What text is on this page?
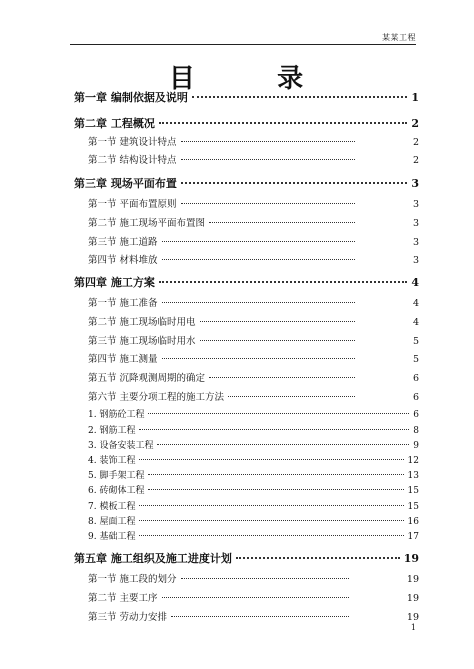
某某工程
目	录
第一章 编制依据及说明	1
第二章 工程概况	2
第一节 建筑设计特点	2
第二节 结构设计特点	2
第三章 现场平面布置	3
第一节 平面布置原则	3
第二节 施工现场平面布置图	3
第三节 施工道路	3
第四节 材料堆放	3
第四章 施工方案	4
第一节 施工准备	4
第二节 施工现场临时用电	4
第三节 施工现场临时用水	5
第四节 施工测量	5
第五节 沉降观测周期的确定	6
第六节 主要分项工程的施工方法	6
1. 钢筋砼工程	6
2. 钢筋工程	8
3. 设备安装工程	9
4. 装饰工程	12
5. 脚手架工程	13
6. 砖砌体工程	15
7. 模板工程	15
8. 屋面工程	16
9. 基础工程	17
第五章 施工组织及施工进度计划	19
第一节 施工段的划分	19
第二节 主要工序	19
第三节 劳动力安排	19
1
